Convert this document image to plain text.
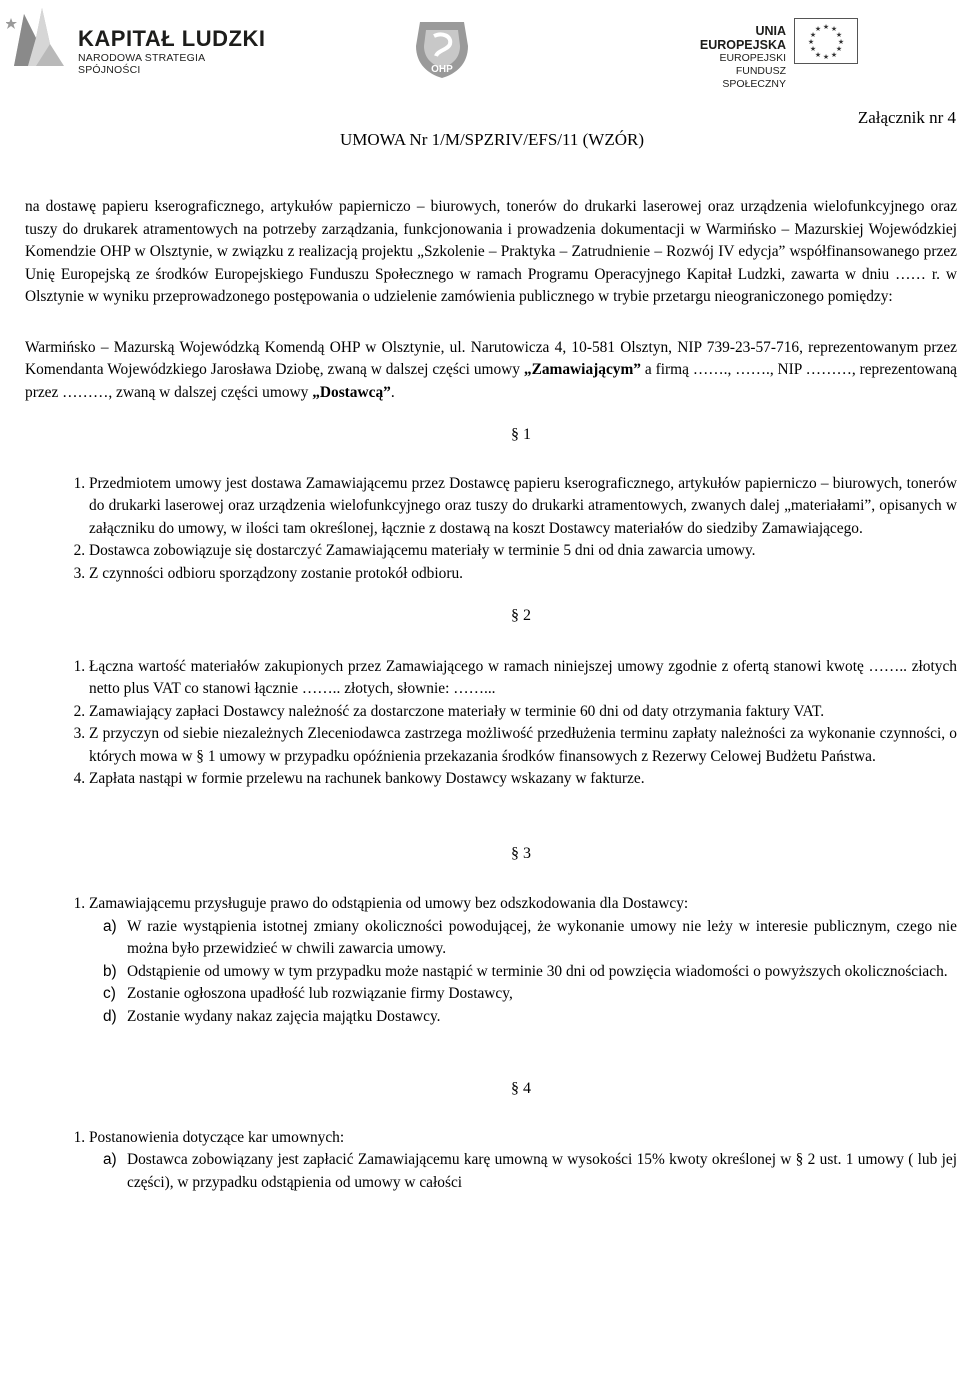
KAPITAŁ LUDZKI
NARODOWA STRATEGIA SPÓJNOŚCI	OHP
UNIA EUROPEJSKA
EUROPEJSKI
FUNDUSZ SPOŁECZNY
★ ★
★
★
★
★
★
★
★
★
★
★
Załącznik nr 4
UMOWA Nr 1/M/SPZRIV/EFS/11 (WZÓR)

na dostawę papieru kserograficznego, artykułów papierniczo – biurowych, tonerów do drukarki laserowej oraz urządzenia wielofunkcyjnego oraz tuszy do drukarek atramentowych na potrzeby zarządzania, funkcjonowania i prowadzenia dokumentacji w Warmińsko – Mazurskiej Wojewódzkiej Komendzie OHP w Olsztynie, w związku z realizacją projektu „Szkolenie – Praktyka – Zatrudnienie – Rozwój IV edycja” współfinansowanego przez Unię Europejską ze środków Europejskiego Funduszu Społecznego w ramach Programu Operacyjnego Kapitał Ludzki, zawarta w dniu …… r. w Olsztynie w wyniku przeprowadzonego postępowania o udzielenie zamówienia publicznego w trybie przetargu nieograniczonego pomiędzy:

Warmińsko – Mazurską Wojewódzką Komendą OHP w Olsztynie, ul. Narutowicza 4, 10-581 Olsztyn, NIP 739-23-57-716, reprezentowanym przez Komendanta Wojewódzkiego Jarosława Dziobę, zwaną w dalszej części umowy „Zamawiającym” a firmą ……., ……., NIP ………, reprezentowaną przez ………, zwaną w dalszej części umowy „Dostawcą”.

§ 1
1. Przedmiotem umowy jest dostawa Zamawiającemu przez Dostawcę papieru kserograficznego, artykułów papierniczo – biurowych, tonerów do drukarki laserowej oraz urządzenia wielofunkcyjnego oraz tuszy do drukarki atramentowych, zwanych dalej „materiałami”, opisanych w załączniku do umowy, w ilości tam określonej, łącznie z dostawą na koszt Dostawcy materiałów do siedziby Zamawiającego.
2. Dostawca zobowiązuje się dostarczyć Zamawiającemu materiały w terminie 5 dni od dnia zawarcia umowy.
3. Z czynności odbioru sporządzony zostanie protokół odbioru.
§ 2
1. Łączna wartość materiałów zakupionych przez Zamawiającego w ramach niniejszej umowy zgodnie z ofertą stanowi kwotę …….. złotych netto plus VAT co stanowi łącznie …….. złotych, słownie: ……...
2. Zamawiający zapłaci Dostawcy należność za dostarczone materiały w terminie 60 dni od daty otrzymania faktury VAT.
3. Z przyczyn od siebie niezależnych Zleceniodawca zastrzega możliwość przedłużenia terminu zapłaty należności za wykonanie czynności, o których mowa w § 1 umowy w przypadku opóźnienia przekazania środków finansowych z Rezerwy Celowej Budżetu Państwa.
4. Zapłata nastąpi w formie przelewu na rachunek bankowy Dostawcy wskazany w fakturze.
§ 3
1. Zamawiającemu przysługuje prawo do odstąpienia od umowy bez odszkodowania dla Dostawcy:
a) W razie wystąpienia istotnej zmiany okoliczności powodującej, że wykonanie umowy nie leży w interesie publicznym, czego nie można było przewidzieć w chwili zawarcia umowy.
b) Odstąpienie od umowy w tym przypadku może nastąpić w terminie 30 dni od powzięcia wiadomości o powyższych okolicznościach.
c) Zostanie ogłoszona upadłość lub rozwiązanie firmy Dostawcy,
d) Zostanie wydany nakaz zajęcia majątku Dostawcy.
§ 4
1. Postanowienia dotyczące kar umownych:
a) Dostawca zobowiązany jest zapłacić Zamawiającemu karę umowną w wysokości 15% kwoty określonej w § 2 ust. 1 umowy ( lub jej części), w przypadku odstąpienia od umowy w całości
